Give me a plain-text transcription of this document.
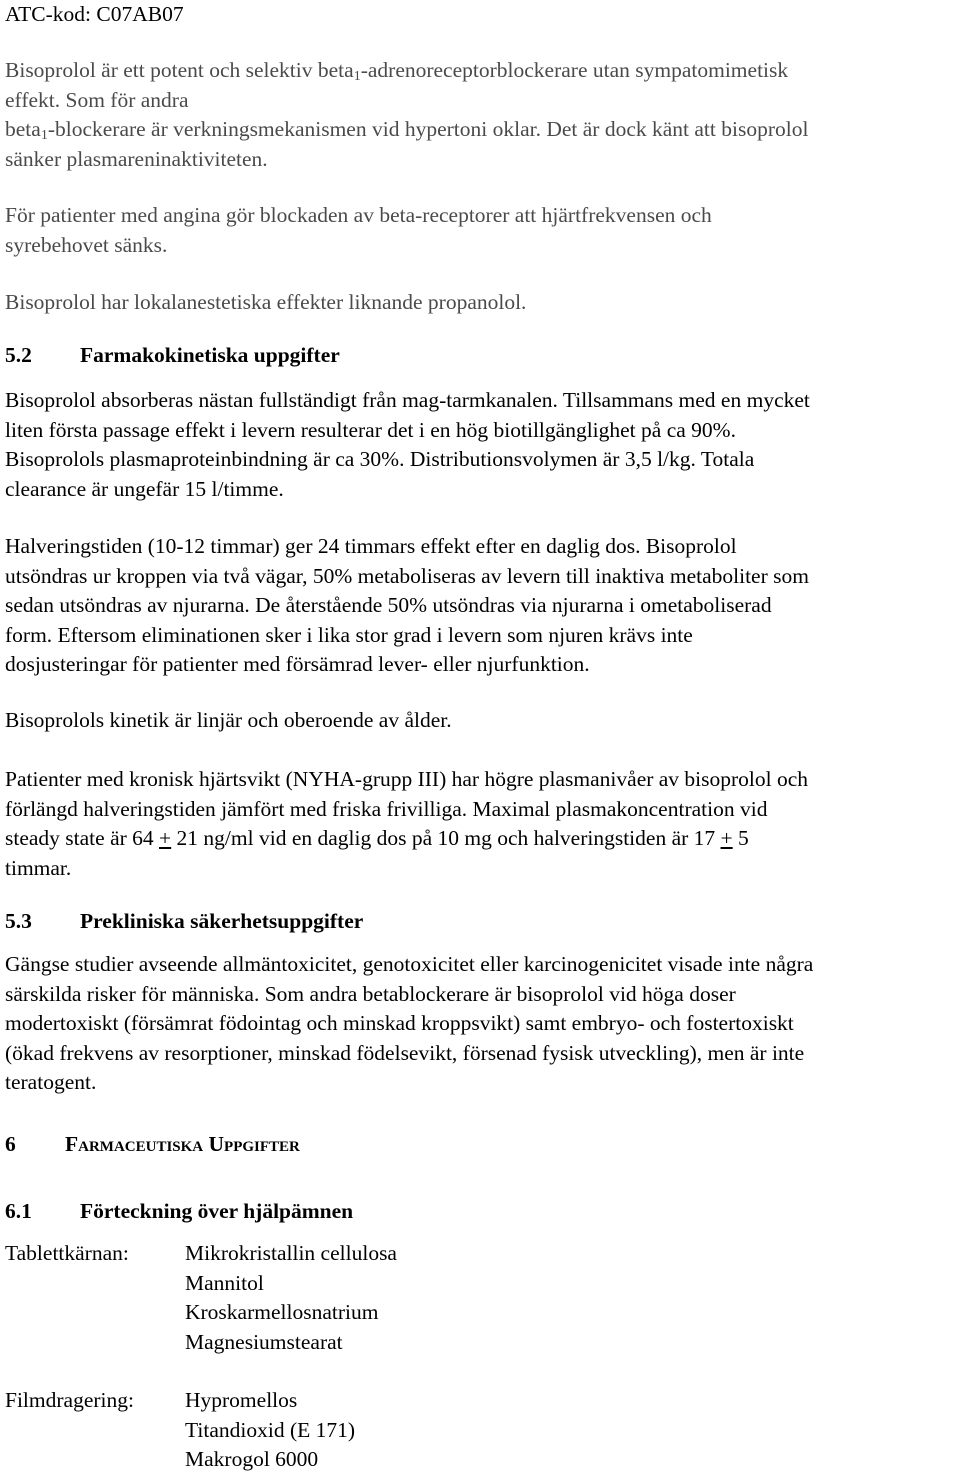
ATC-kod: C07AB07
Bisoprolol är ett potent och selektiv beta$_1$-adrenoreceptorblockerare utan sympatomimetisk
effekt. Som för andra
beta$_1$-blockerare är verkningsmekanismen vid hypertoni oklar. Det är dock känt att bisoprolol
sänker plasmareninaktiviteten.
För patienter med angina gör blockaden av beta-receptorer att hjärtfrekvensen och
syrebehovet sänks.
Bisoprolol har lokalanestetiska effekter liknande propanolol.
5.2 Farmakokinetiska uppgifter
Bisoprolol absorberas nästan fullständigt från mag-tarmkanalen. Tillsammans med en mycket
liten första passage effekt i levern resulterar det i en hög biotillgänglighet på ca 90%.
Bisoprolols plasmaproteinbindning är ca 30%. Distributionsvolymen är 3,5 l/kg. Totala
clearance är ungefär 15 l/timme.
Halveringstiden (10-12 timmar) ger 24 timmars effekt efter en daglig dos. Bisoprolol
utsöndras ur kroppen via två vägar, 50% metaboliseras av levern till inaktiva metaboliter som
sedan utsöndras av njurarna. De återstående 50% utsöndras via njurarna i ometaboliserad
form. Eftersom eliminationen sker i lika stor grad i levern som njuren krävs inte
dosjusteringar för patienter med försämrad lever- eller njurfunktion.
Bisoprolols kinetik är linjär och oberoende av ålder.
Patienter med kronisk hjärtsvikt (NYHA-grupp III) har högre plasmanivåer av bisoprolol och
förlängd halveringstiden jämfört med friska frivilliga. Maximal plasmakoncentration vid
steady state är 64 + 21 ng/ml vid en daglig dos på 10 mg och halveringstiden är 17 + 5
timmar.
5.3 Prekliniska säkerhetsuppgifter
Gängse studier avseende allmäntoxicitet, genotoxicitet eller karcinogenicitet visade inte några
särskilda risker för människa. Som andra betablockerare är bisoprolol vid höga doser
modertoxiskt (försämrat födointag och minskad kroppsvikt) samt embryo- och fostertoxiskt
(ökad frekvens av resorptioner, minskad födelsevikt, försenad fysisk utveckling), men är inte
teratogent.
6 Farmaceutiska Uppgifter
6.1 Förteckning över hjälpämnen
Tablettkärnan:	Mikrokristallin cellulosa
Mannitol
Kroskarmellosnatrium
Magnesiumstearat
Filmdragering: Hypromellos
Titandioxid (E 171)
Makrogol 6000
